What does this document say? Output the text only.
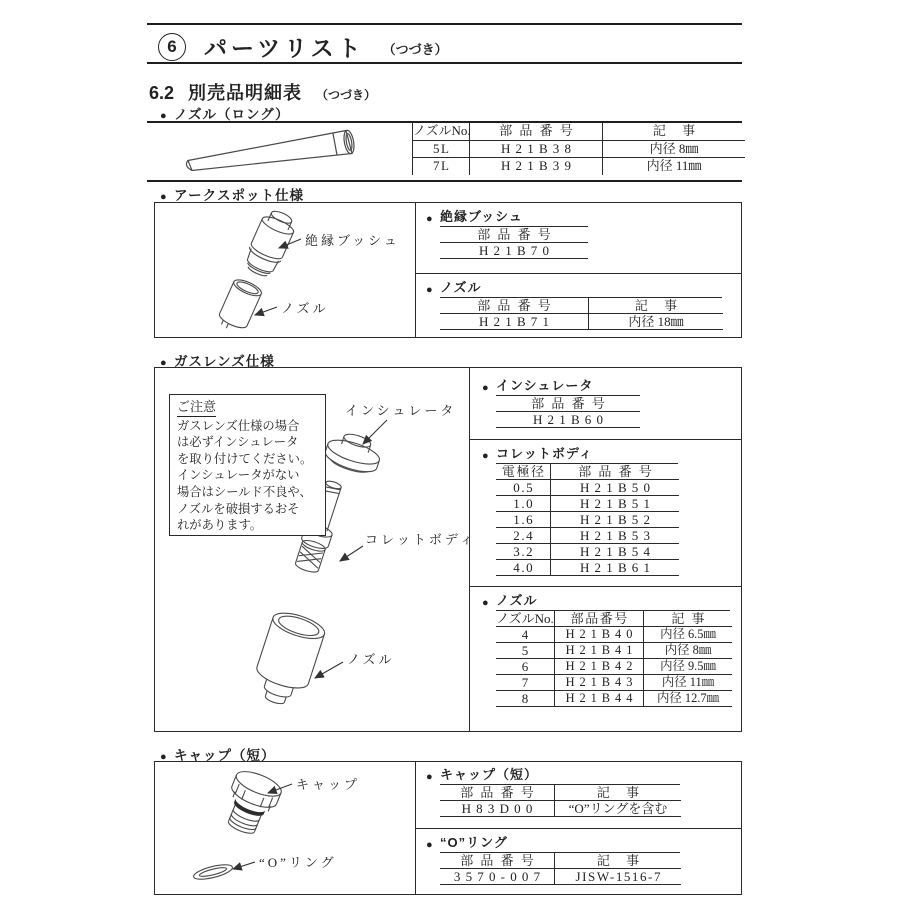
6	パーツリスト （つづき）
6.2 別売品明細表 （つづき）
●ノズル（ロング）
ノズルNo.	部品番号	記事
5L	H21B38	内径 8㎜
7L	H21B39	内径 11㎜
●アークスポット仕様
絶縁ブッシュ
ノズル
●
絶縁ブッシュ
部品番号
H21B70
●
ノズル
部品番号	記事
H21B71	内径 18㎜
●ガスレンズ仕様
ご注意
ガスレンズ仕様の場合
は必ずインシュレータ
を取り付けてください。
インシュレータがない
場合はシールド不良や、
ノズルを破損するおそ
れがあります。
インシュレータ
コレットボディ
ノズル
●
インシュレータ
部品番号
H21B60
●
コレットボディ
電極径	部品番号
0.5	H21B50
1.0	H21B51
1.6	H21B52
2.4	H21B53
3.2	H21B54
4.0	H21B61
●
ノズル
ノズルNo.	部品番号	記事
4	H21B40	内径 6.5㎜
5	H21B41	内径 8㎜
6	H21B42	内径 9.5㎜
7	H21B43	内径 11㎜
8	H21B44	内径 12.7㎜
●キャップ（短）
キャップ
“O”リング
●
キャップ（短）
部品番号	記事
H83D00	“O”リングを含む
●
“O”リング
部品番号	記事
3570-007	JISW-1516-7
